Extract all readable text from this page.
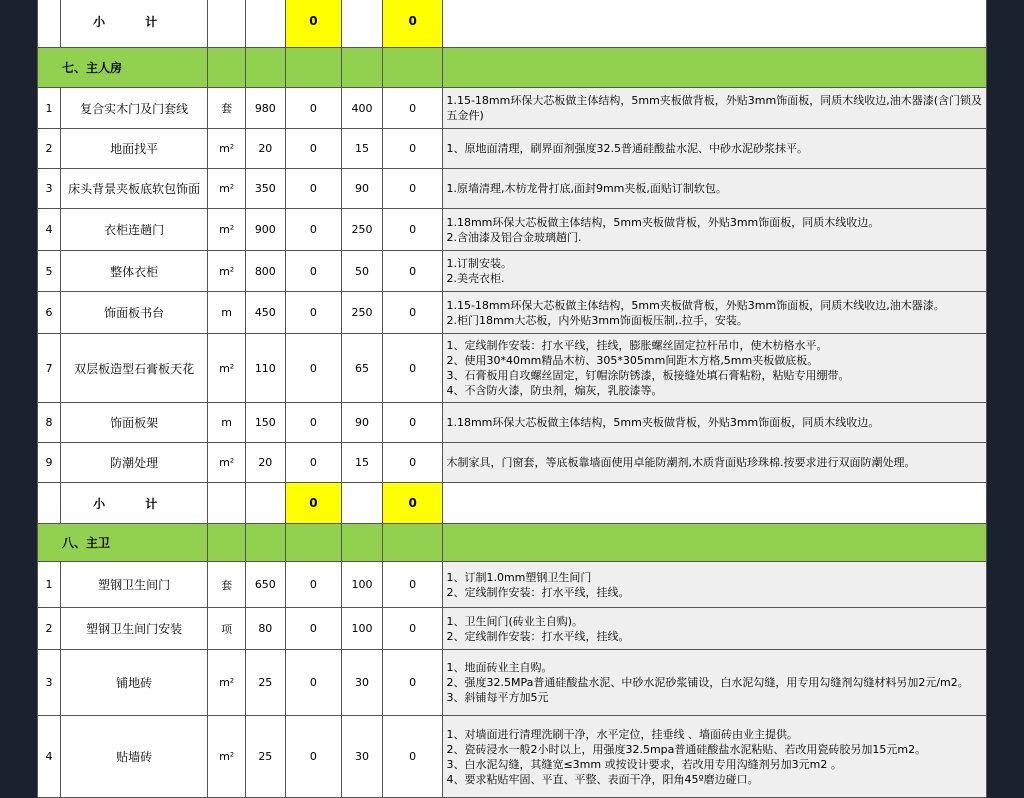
	小 计			0		0	
七、主人房							
1	复合实木门及门套线	套	980	0	400	0	1.15-18mm环保大芯板做主体结构，5mm夹板做背板，外贴3mm饰面板，同质木线收边,油木器漆(含门锁及五金件)
2	地面找平	m²	20	0	15	0	1、原地面清理，刷界面剂强度32.5普通硅酸盐水泥、中砂水泥砂浆抹平。
3	床头背景夹板底软包饰面	m²	350	0	90	0	1.原墙清理,木枋龙骨打底,面封9mm夹板,面贴订制软包。
4	衣柜连趟门	m²	900	0	250	0	1.18mm环保大芯板做主体结构，5mm夹板做背板，外贴3mm饰面板，同质木线收边。
2.含油漆及铝合金玻璃趟门.
5	整体衣柜	m²	800	0	50	0	1.订制安装。
2.美壳衣柜.
6	饰面板书台	m	450	0	250	0	1.15-18mm环保大芯板做主体结构，5mm夹板做背板，外贴3mm饰面板，同质木线收边,油木器漆。
2.柜门18mm大芯板，内外贴3mm饰面板压制,.拉手，安装。
7	双层板造型石膏板天花	m²	110	0	65	0	1、定线制作安装：打水平线，挂线，膨胀螺丝固定拉杆吊巾，使木枋格水平。
2、使用30*40mm精品木枋、305*305mm间距木方格,5mm夹板做底板。
3、石膏板用自攻螺丝固定，钉帽涂防锈漆，板接缝处填石膏粘粉，粘贴专用绷带。
4、不含防火漆，防虫剂，煽灰，乳胶漆等。
8	饰面板架	m	150	0	90	0	1.18mm环保大芯板做主体结构，5mm夹板做背板，外贴3mm饰面板，同质木线收边。
9	防潮处理	m²	20	0	15	0	木制家具，门窗套，等底板靠墙面使用卓能防潮剂,木质背面贴珍珠棉.按要求进行双面防潮处理。
	小 计			0		0	
八、主卫							
1	塑钢卫生间门	套	650	0	100	0	1、订制1.0mm塑钢卫生间门
2、定线制作安装：打水平线，挂线。
2	塑钢卫生间门安装	项	80	0	100	0	1、卫生间门(砖业主自购)。
2、定线制作安装：打水平线，挂线。
3	铺地砖	m²	25	0	30	0	1、地面砖业主自购。
2、强度32.5MPa普通硅酸盐水泥、中砂水泥砂浆铺设，白水泥勾缝，用专用勾缝剂勾缝材料另加2元/m2。
3、斜铺每平方加5元
4	贴墙砖	m²	25	0	30	0	1、对墙面进行清理洗刷干净，水平定位，挂垂线 、墙面砖由业主提供。
2、瓷砖浸水一般2小时以上，用强度32.5mpa普通硅酸盐水泥粘贴、若改用瓷砖胶另加15元m2。
3、白水泥勾缝，其缝宽≤3mm 或按设计要求，若改用专用沟缝剂另加3元m2 。
4、要求粘贴牢固、平直、平整、表面干净，阳角45º磨边碰口。
